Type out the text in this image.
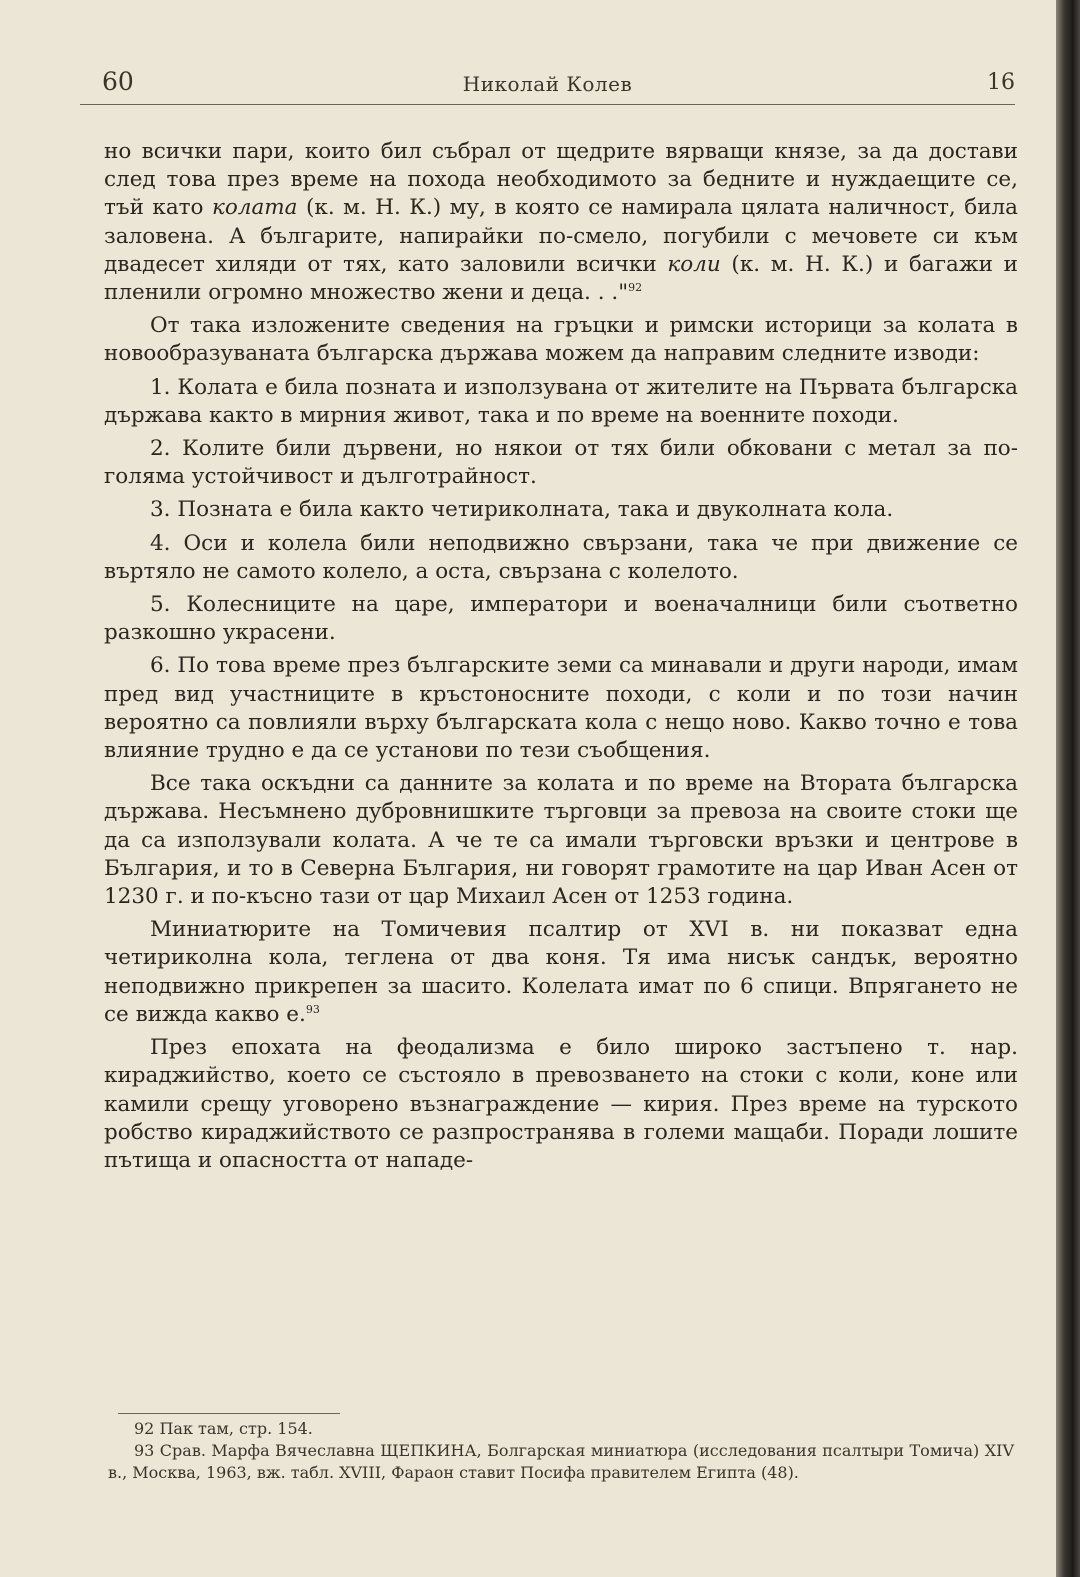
60	Николай Колев	16

но всички пари, които бил събрал от щедрите вярващи князе, за да достави след това през време на похода необходимото за бедните и нуждаещите се, тъй като колата (к. м. Н. К.) му, в която се намирала цялата наличност, била заловена. А българите, напирайки по-смело, погубили с мечовете си към двадесет хиляди от тях, като заловили всички коли (к. м. Н. К.) и багажи и пленили огромно множество жени и деца. . ."$^{92}$

От така изложените сведения на гръцки и римски историци за колата в новообразуваната българска държава можем да направим следните изводи:

1. Колата е била позната и използувана от жителите на Първата българска държава както в мирния живот, така и по време на военните походи.

2. Колите били дървени, но някои от тях били обковани с метал за по-голяма устойчивост и дълготрайност.

3. Позната е била както четириколната, така и двуколната кола.

4. Оси и колела били неподвижно свързани, така че при движение се въртяло не самото колело, а оста, свързана с колелото.

5. Колесниците на царе, императори и военачалници били съответно разкошно украсени.

6. По това време през българските земи са минавали и други народи, имам пред вид участниците в кръстоносните походи, с коли и по този начин вероятно са повлияли върху българската кола с нещо ново. Какво точно е това влияние трудно е да се установи по тези съобщения.

Все така оскъдни са данните за колата и по време на Втората българска държава. Несъмнено дубровнишките търговци за превоза на своите стоки ще да са използували колата. А че те са имали търговски връзки и центрове в България, и то в Северна България, ни говорят грамотите на цар Иван Асен от 1230 г. и по-късно тази от цар Михаил Асен от 1253 година.

Миниатюрите на Томичевия псалтир от XVI в. ни показват една четириколна кола, теглена от два коня. Тя има нисък сандък, вероятно неподвижно прикрепен за шасито. Колелата имат по 6 спици. Впрягането не се вижда какво е.$^{93}$

През епохата на феодализма е било широко застъпено т. нар. кираджийство, което се състояло в превозването на стоки с коли, коне или камили срещу уговорено възнаграждение — кирия. През време на турското робство кираджийството се разпространява в големи мащаби. Поради лошите пътища и опасността от нападе-

92 Пак там, стр. 154.

93 Срав. Марфа Вячеславна ЩЕПКИНА, Болгарская миниатюра (исследования псалтыри Томича) XIV в., Москва, 1963, вж. табл. XVIII, Фараон ставит Посифа правителем Египта (48).
